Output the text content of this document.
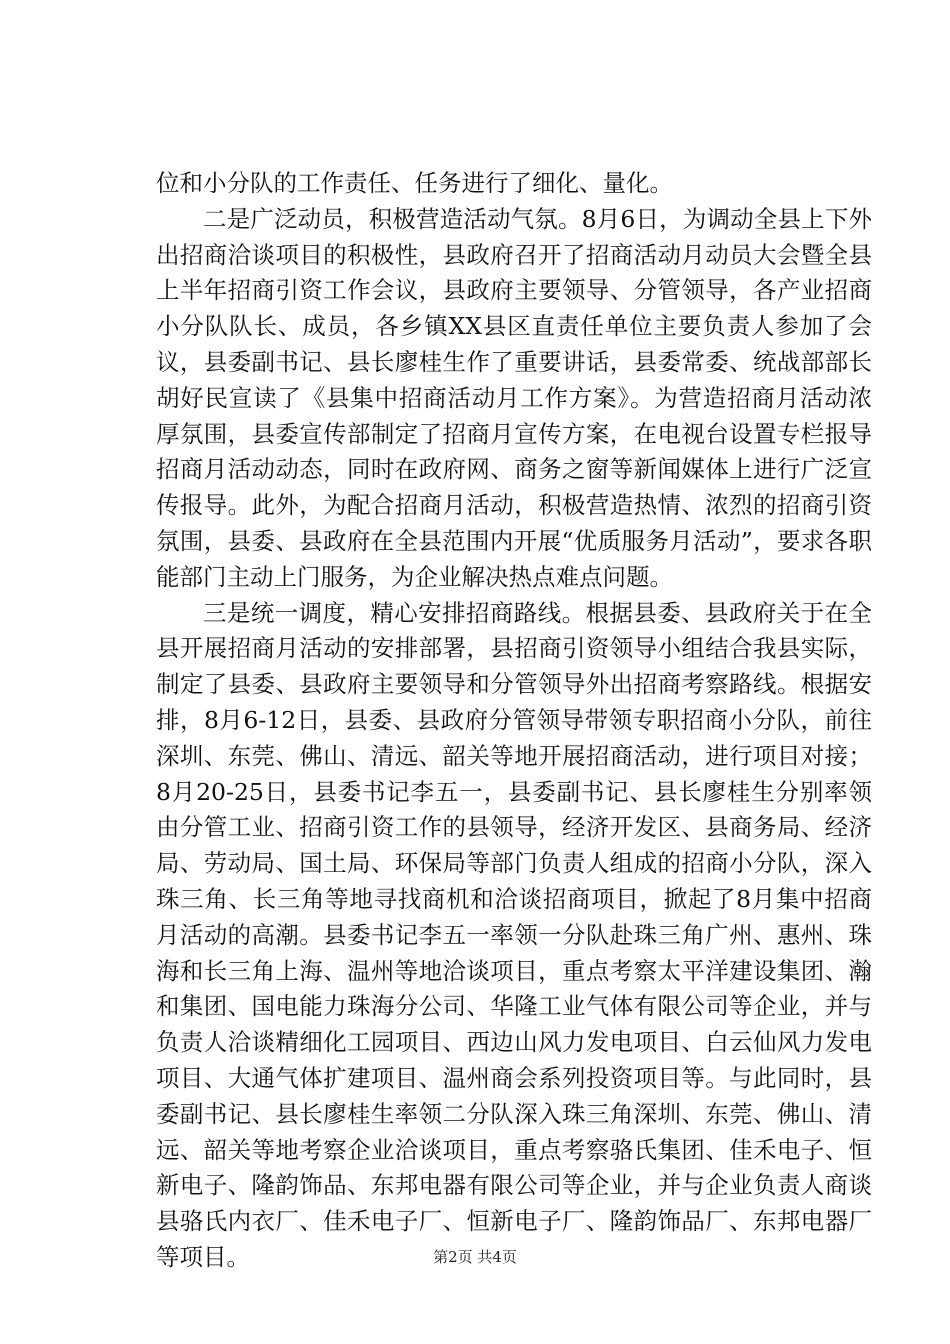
位和小分队的工作责任、任务进行了细化、量化。

二是广泛动员，积极营造活动气氛。8月6日，为调动全县上下外出招商洽谈项目的积极性，县政府召开了招商活动月动员大会暨全县上半年招商引资工作会议，县政府主要领导、分管领导，各产业招商小分队队长、成员，各乡镇XX县区直责任单位主要负责人参加了会议，县委副书记、县长廖桂生作了重要讲话，县委常委、统战部部长胡好民宣读了《县集中招商活动月工作方案》。为营造招商月活动浓厚氛围，县委宣传部制定了招商月宣传方案，在电视台设置专栏报导招商月活动动态，同时在政府网、商务之窗等新闻媒体上进行广泛宣传报导。此外，为配合招商月活动，积极营造热情、浓烈的招商引资氛围，县委、县政府在全县范围内开展“优质服务月活动”，要求各职能部门主动上门服务，为企业解决热点难点问题。

三是统一调度，精心安排招商路线。根据县委、县政府关于在全县开展招商月活动的安排部署，县招商引资领导小组结合我县实际，制定了县委、县政府主要领导和分管领导外出招商考察路线。根据安排，8月6-12日，县委、县政府分管领导带领专职招商小分队，前往深圳、东莞、佛山、清远、韶关等地开展招商活动，进行项目对接；8月20-25日，县委书记李五一，县委副书记、县长廖桂生分别率领由分管工业、招商引资工作的县领导，经济开发区、县商务局、经济局、劳动局、国土局、环保局等部门负责人组成的招商小分队，深入珠三角、长三角等地寻找商机和洽谈招商项目，掀起了8月集中招商月活动的高潮。县委书记李五一率领一分队赴珠三角广州、惠州、珠海和长三角上海、温州等地洽谈项目，重点考察太平洋建设集团、瀚和集团、国电能力珠海分公司、华隆工业气体有限公司等企业，并与负责人洽谈精细化工园项目、西边山风力发电项目、白云仙风力发电项目、大通气体扩建项目、温州商会系列投资项目等。与此同时，县委副书记、县长廖桂生率领二分队深入珠三角深圳、东莞、佛山、清远、韶关等地考察企业洽谈项目，重点考察骆氏集团、佳禾电子、恒新电子、隆韵饰品、东邦电器有限公司等企业，并与企业负责人商谈县骆氏内衣厂、佳禾电子厂、恒新电子厂、隆韵饰品厂、东邦电器厂等项目。	第2页 共4页
